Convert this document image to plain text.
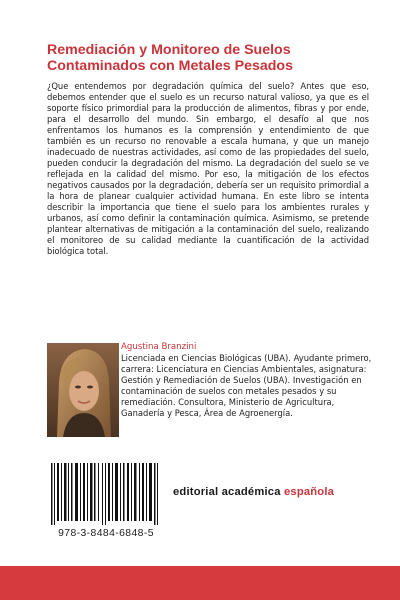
Remediación y Monitoreo de Suelos
Contaminados con Metales Pesados

¿Que entendemos por degradación química del suelo? Antes que eso, debemos entender que el suelo es un recurso natural valioso, ya que es el soporte físico primordial para la producción de alimentos, fibras y por ende, para el desarrollo del mundo. Sin embargo, el desafío al que nos enfrentamos los humanos es la comprensión y entendimiento de que también es un recurso no renovable a escala humana, y que un manejo inadecuado de nuestras actividades, así como de las propiedades del suelo, pueden conducir la degradación del mismo. La degradación del suelo se ve reflejada en la calidad del mismo. Por eso, la mitigación de los efectos negativos causados por la degradación, debería ser un requisito primordial a la hora de planear cualquier actividad humana. En este libro se intenta describir la importancia que tiene el suelo para los ambientes rurales y urbanos, así como definir la contaminación química. Asimismo, se pretende plantear alternativas de mitigación a la contaminación del suelo, realizando el monitoreo de su calidad mediante la cuantificación de la actividad biológica total.

Agustina Branzini

Licenciada en Ciencias Biológicas (UBA). Ayudante primero, carrera: Licenciatura en Ciencias Ambientales, asignatura: Gestión y Remediación de Suelos (UBA). Investigación en contaminación de suelos con metales pesados y su remediación. Consultora, Ministerio de Agricultura, Ganadería y Pesca, Área de Agroenergía.

978-3-8484-6848-5
editorial académica española
